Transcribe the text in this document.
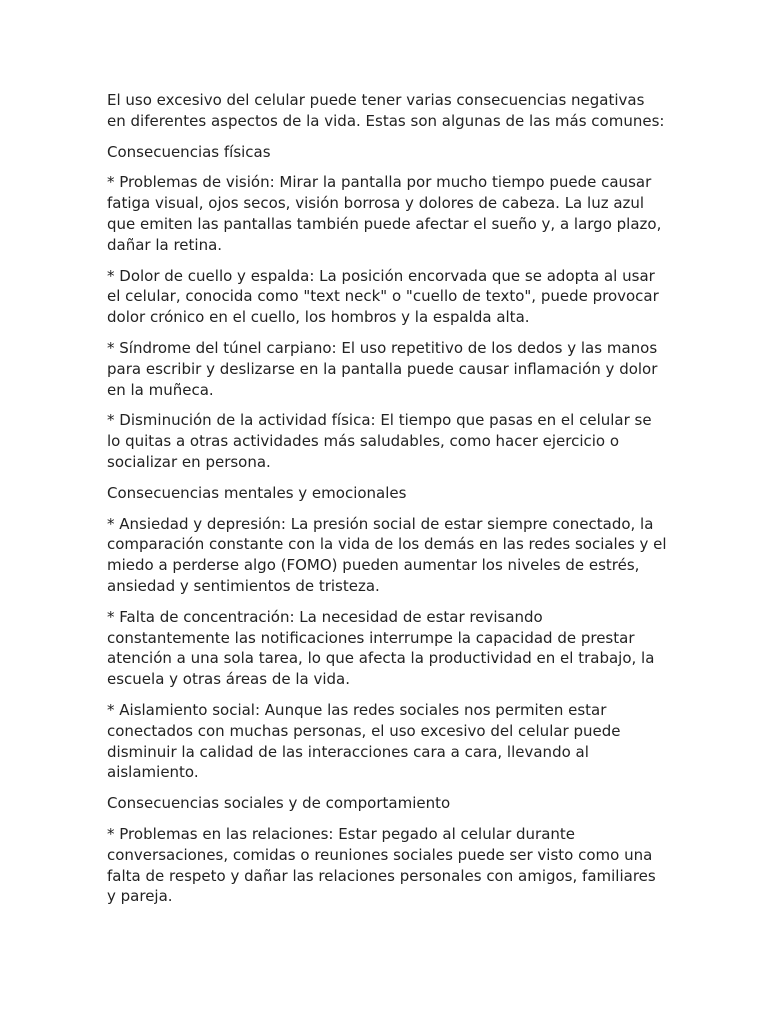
El uso excesivo del celular puede tener varias consecuencias negativas en diferentes aspectos de la vida. Estas son algunas de las más comunes:

Consecuencias físicas

* Problemas de visión: Mirar la pantalla por mucho tiempo puede causar fatiga visual, ojos secos, visión borrosa y dolores de cabeza. La luz azul que emiten las pantallas también puede afectar el sueño y, a largo plazo, dañar la retina.

* Dolor de cuello y espalda: La posición encorvada que se adopta al usar el celular, conocida como "text neck" o "cuello de texto", puede provocar dolor crónico en el cuello, los hombros y la espalda alta.

* Síndrome del túnel carpiano: El uso repetitivo de los dedos y las manos para escribir y deslizarse en la pantalla puede causar inflamación y dolor en la muñeca.

* Disminución de la actividad física: El tiempo que pasas en el celular se lo quitas a otras actividades más saludables, como hacer ejercicio o socializar en persona.

Consecuencias mentales y emocionales

* Ansiedad y depresión: La presión social de estar siempre conectado, la comparación constante con la vida de los demás en las redes sociales y el miedo a perderse algo (FOMO) pueden aumentar los niveles de estrés, ansiedad y sentimientos de tristeza.

* Falta de concentración: La necesidad de estar revisando constantemente las notificaciones interrumpe la capacidad de prestar atención a una sola tarea, lo que afecta la productividad en el trabajo, la escuela y otras áreas de la vida.

* Aislamiento social: Aunque las redes sociales nos permiten estar conectados con muchas personas, el uso excesivo del celular puede disminuir la calidad de las interacciones cara a cara, llevando al aislamiento.

Consecuencias sociales y de comportamiento

* Problemas en las relaciones: Estar pegado al celular durante conversaciones, comidas o reuniones sociales puede ser visto como una falta de respeto y dañar las relaciones personales con amigos, familiares y pareja.
